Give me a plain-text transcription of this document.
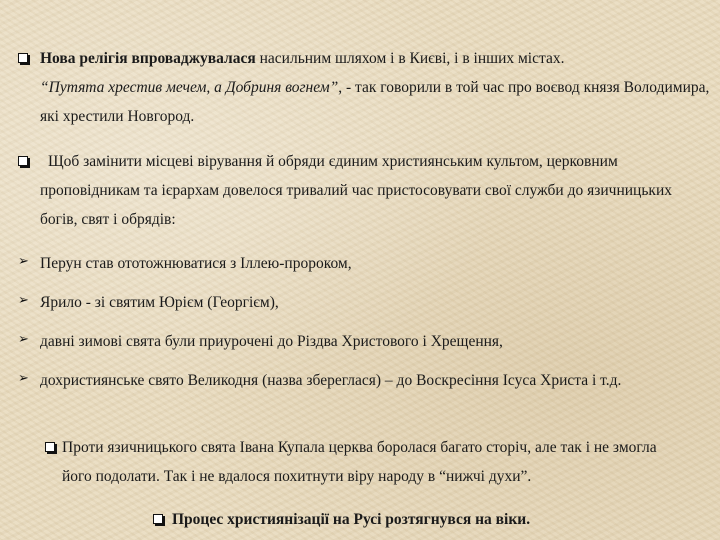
Нова релігія впроваджувалася насильним шляхом і в Києві, і в інших містах.
“Путята хрестив мечем, а Добриня вогнем”, - так говорили в той час про воєвод князя Володимира, які хрестили Новгород.
Щоб замінити місцеві вірування й обряди єдиним християнським культом, церковним проповідникам та ієрархам довелося тривалий час пристосовувати свої служби до язичницьких богів, свят і обрядів:
➢ Перун став ототожнюватися з Іллею-пророком,
➢ Ярило - зі святим Юрієм (Георгієм),
➢ давні зимові свята були приурочені до Різдва Христового і Хрещення,
➢ дохристиянське свято Великодня (назва збереглася) – до Воскресіння Ісуса Христа і т.д.
Проти язичницького свята Івана Купала церква боролася багато сторіч, але так і не змогла його подолати. Так і не вдалося похитнути віру народу в “нижчі духи”.
Процес християнізації на Русі розтягнувся на віки.
